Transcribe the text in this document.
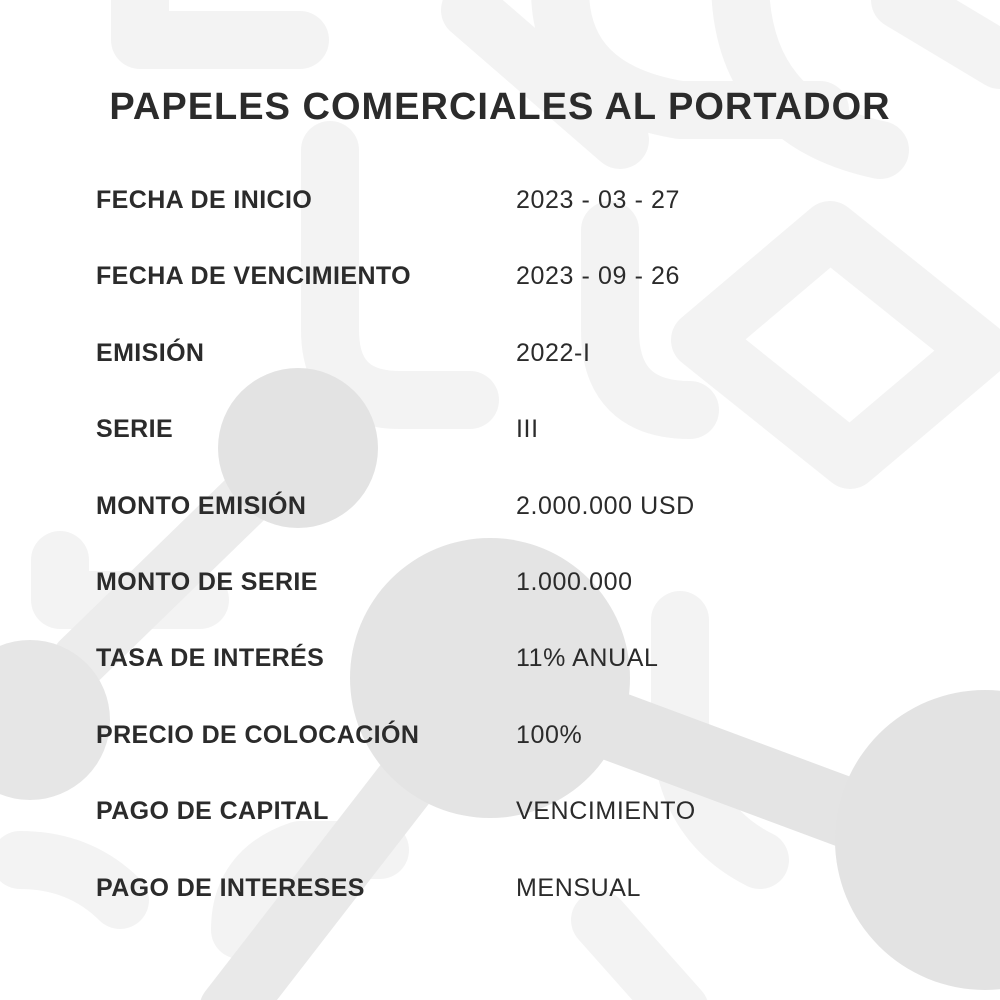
PAPELES COMERCIALES AL PORTADOR
FECHA DE INICIO	2023 - 03 - 27
FECHA DE VENCIMIENTO	2023 - 09 - 26
EMISIÓN	2022-I
SERIE	III
MONTO EMISIÓN	2.000.000 USD
MONTO DE SERIE	1.000.000
TASA DE INTERÉS	11% ANUAL
PRECIO DE COLOCACIÓN	100%
PAGO DE CAPITAL	VENCIMIENTO
PAGO DE INTERESES	MENSUAL
